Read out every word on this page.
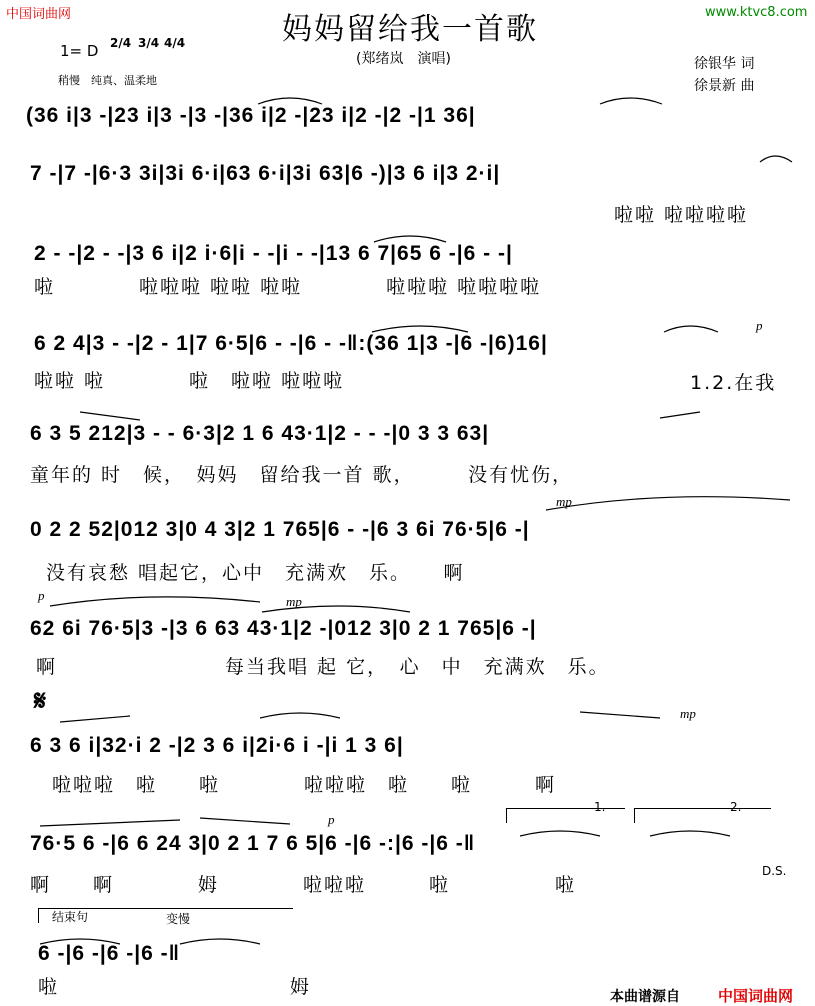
中国词曲网	www.ktvc8.com
妈妈留给我一首歌
(郑绪岚　演唱)	徐银华 词
徐景新 曲
1= D 2/4 3/4 4/4
稍慢　纯真、温柔地
(36 i|3 -|23 i|3 -|3 -|36 i|2 -|23 i|2 -|2 -|1 36|
7 -|7 -|6·3 3i|3i 6·i|63 6·i|3i 63|6 -)|3 6 i|3 2·i|
啦啦 啦啦啦啦
2 - -|2 - -|3 6 i|2 i·6|i - -|i - -|13 6 7|65 6 -|6 - -|
啦　　　　啦啦啦 啦啦 啦啦　　　　啦啦啦 啦啦啦啦
6 2 4|3 - -|2 - 1|7 6·5|6 - -|6 - -‖:(36 1|3 -|6 -|6)16|
啦啦 啦　　　　啦　啦啦 啦啦啦　　　　　　　　　　　　
p
1.2.在我
6 3 5 212|3 - - 6·3|2 1 6 43·1|2 - - -|0 3 3 63|
童年的 时　候，　妈妈　留给我一首 歌，　　　没有忧伤，
0 2 2 52|012 3|0 4 3|2 1 765|6 - -|6 3 6i 76·5|6 -|
没有哀愁 唱起它，心中　充满欢　乐。　　啊
mp
62 6i 76·5|3 -|3 6 63 43·1|2 -|012 3|0 2 1 765|6 -|
啊　　　　　　　　每当我唱 起 它，　心　中　充满欢　乐。
p	mp
𝄋
6 3 6 i|32·i 2 -|2 3 6 i|2i·6 i -|i 1 3 6|
啦啦啦　啦　　啦　　　　啦啦啦　啦　　啦　　　啊
mp
76·5 6 -|6 6 24 3|0 2 1 7 6 5|6 -|6 -:|6 -|6 -‖
啊　　啊　　　　姆　　　　啦啦啦　　　啦　　　　　啦
p
1.	2.
D.S.
结束句	变慢
6 -|6 -|6 -|6 -‖
啦　　　　　　　　　　　姆	本曲谱源自	中国词曲网
